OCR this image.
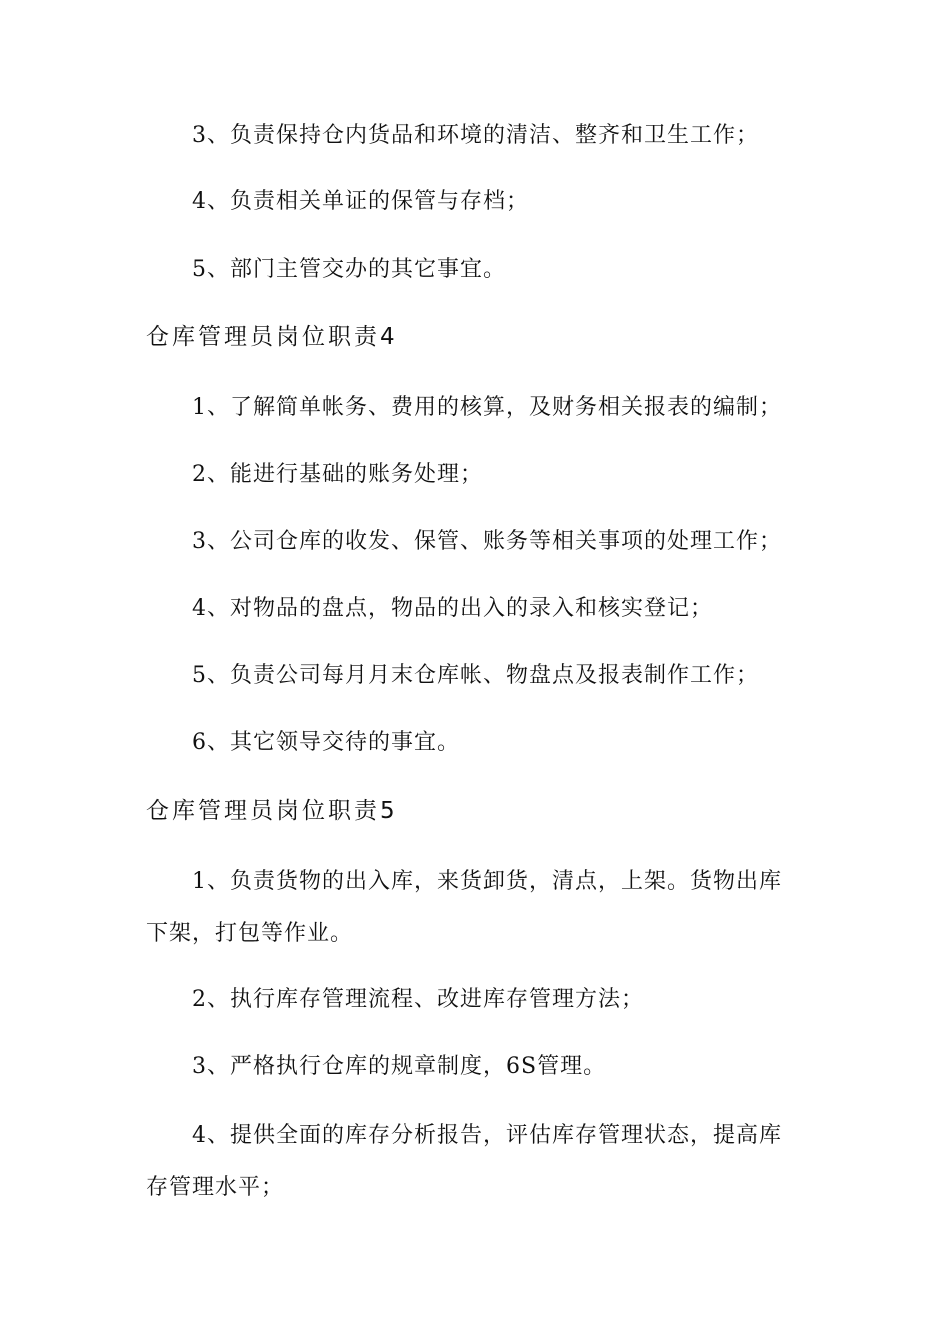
3、负责保持仓内货品和环境的清洁、整齐和卫生工作；
4、负责相关单证的保管与存档；
5、部门主管交办的其它事宜。
仓库管理员岗位职责4
1、了解简单帐务、费用的核算，及财务相关报表的编制；
2、能进行基础的账务处理；
3、公司仓库的收发、保管、账务等相关事项的处理工作；
4、对物品的盘点，物品的出入的录入和核实登记；
5、负责公司每月月末仓库帐、物盘点及报表制作工作；
6、其它领导交待的事宜。
仓库管理员岗位职责5
1、负责货物的出入库，来货卸货，清点，上架。货物出库
下架，打包等作业。
2、执行库存管理流程、改进库存管理方法；
3、严格执行仓库的规章制度，6S管理。
4、提供全面的库存分析报告，评估库存管理状态，提高库
存管理水平；
